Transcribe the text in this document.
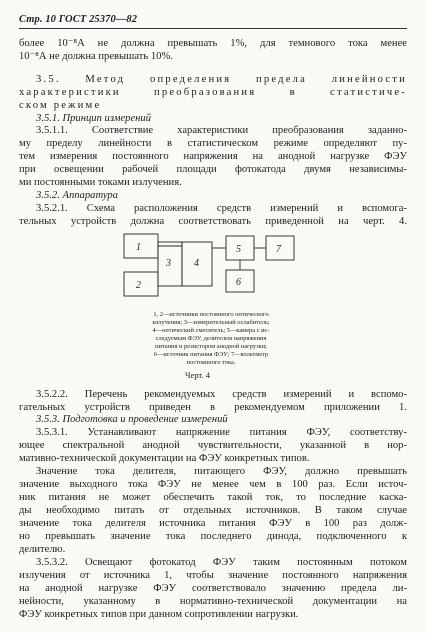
Стр. 10 ГОСТ 25370—82

более 10⁻⁸А не должна превышать 1%, для темнового тока менее

10⁻⁸А не должна превышать 10%.

3.5. Метод определения предела линейности

характеристики преобразования в статистиче-

ском режиме

3.5.1. Принцип измерений

3.5.1.1. Соответствие характеристики преобразования заданно-

му пределу линейности в статистическом режиме определяют пу-

тем измерения постоянного напряжения на анодной нагрузке ФЭУ

при освещении рабочей площади фотокатода двумя независимы-

ми постоянными токами излучения.

3.5.2. Аппаратура

3.5.2.1. Схема расположения средств измерений и вспомога-

тельных устройств должна соответствовать приведенной на черт. 4.

1
2
3 4
5
6
7

1, 2—источники постоянного оптического

излучения; 3—измерительный ослабитель;

4—оптический смеситель; 5—камера с ис-

следуемым ФЭУ, делителем напряжения

питания и резистором анодной нагрузки;

6—источник питания ФЭУ; 7—вольтметр

постоянного тока.

Черт. 4

3.5.2.2. Перечень рекомендуемых средств измерений и вспомо-

гательных устройств приведен в рекомендуемом приложении 1.

3.5.3. Подготовка и проведение измерений

3.5.3.1. Устанавливают напряжение питания ФЭУ, соответству-

ющее спектральной анодной чувствительности, указанной в нор-

мативно-технической документации на ФЭУ конкретных типов.

Значение тока делителя, питающего ФЭУ, должно превышать

значение выходного тока ФЭУ не менее чем в 100 раз. Если источ-

ник питания не может обеспечить такой ток, то последние каска-

ды необходимо питать от отдельных источников. В таком случае

значение тока делителя источника питания ФЭУ в 100 раз долж-

но превышать значение тока последнего динода, подключенного к

делителю.

3.5.3.2. Освещают фотокатод ФЭУ таким постоянным потоком

излучения от источника 1, чтобы значение постоянного напряжения

на анодной нагрузке ФЭУ соответствовало значению предела ли-

нейности, указанному в нормативно-технической документации на

ФЭУ конкретных типов при данном сопротивлении нагрузки.
